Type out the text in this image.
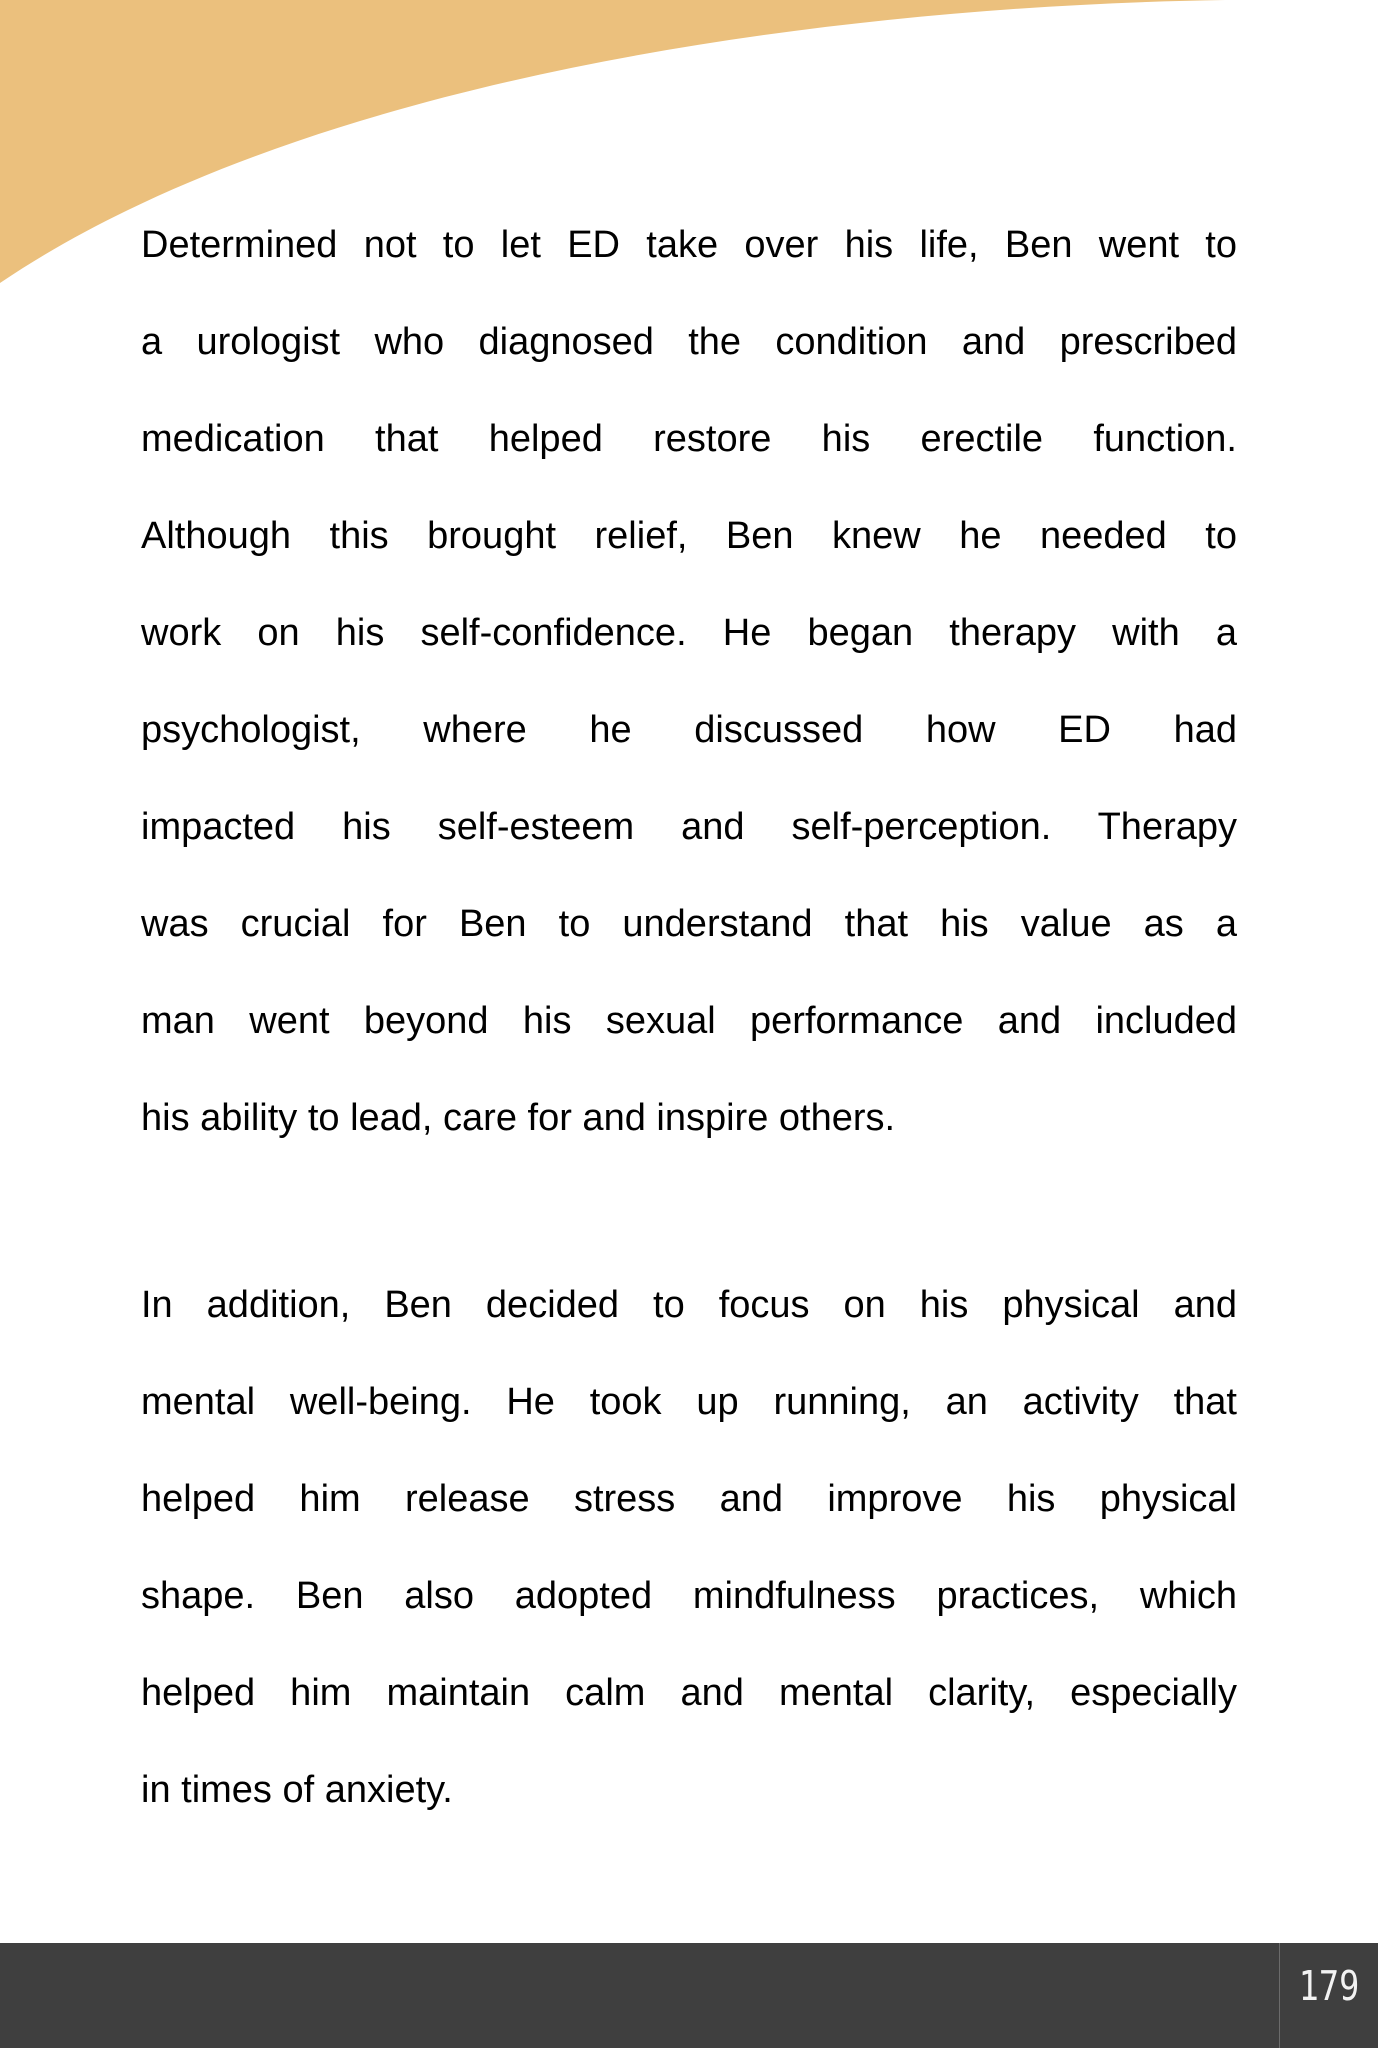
Determined not to let ED take over his life, Ben went to
a urologist who diagnosed the condition and prescribed
medication that helped restore his erectile function.
Although this brought relief, Ben knew he needed to
work on his self-confidence. He began therapy with a
psychologist, where he discussed how ED had
impacted his self-esteem and self-perception. Therapy
was crucial for Ben to understand that his value as a
man went beyond his sexual performance and included
his ability to lead, care for and inspire others.

In addition, Ben decided to focus on his physical and
mental well-being. He took up running, an activity that
helped him release stress and improve his physical
shape. Ben also adopted mindfulness practices, which
helped him maintain calm and mental clarity, especially
in times of anxiety.

179
